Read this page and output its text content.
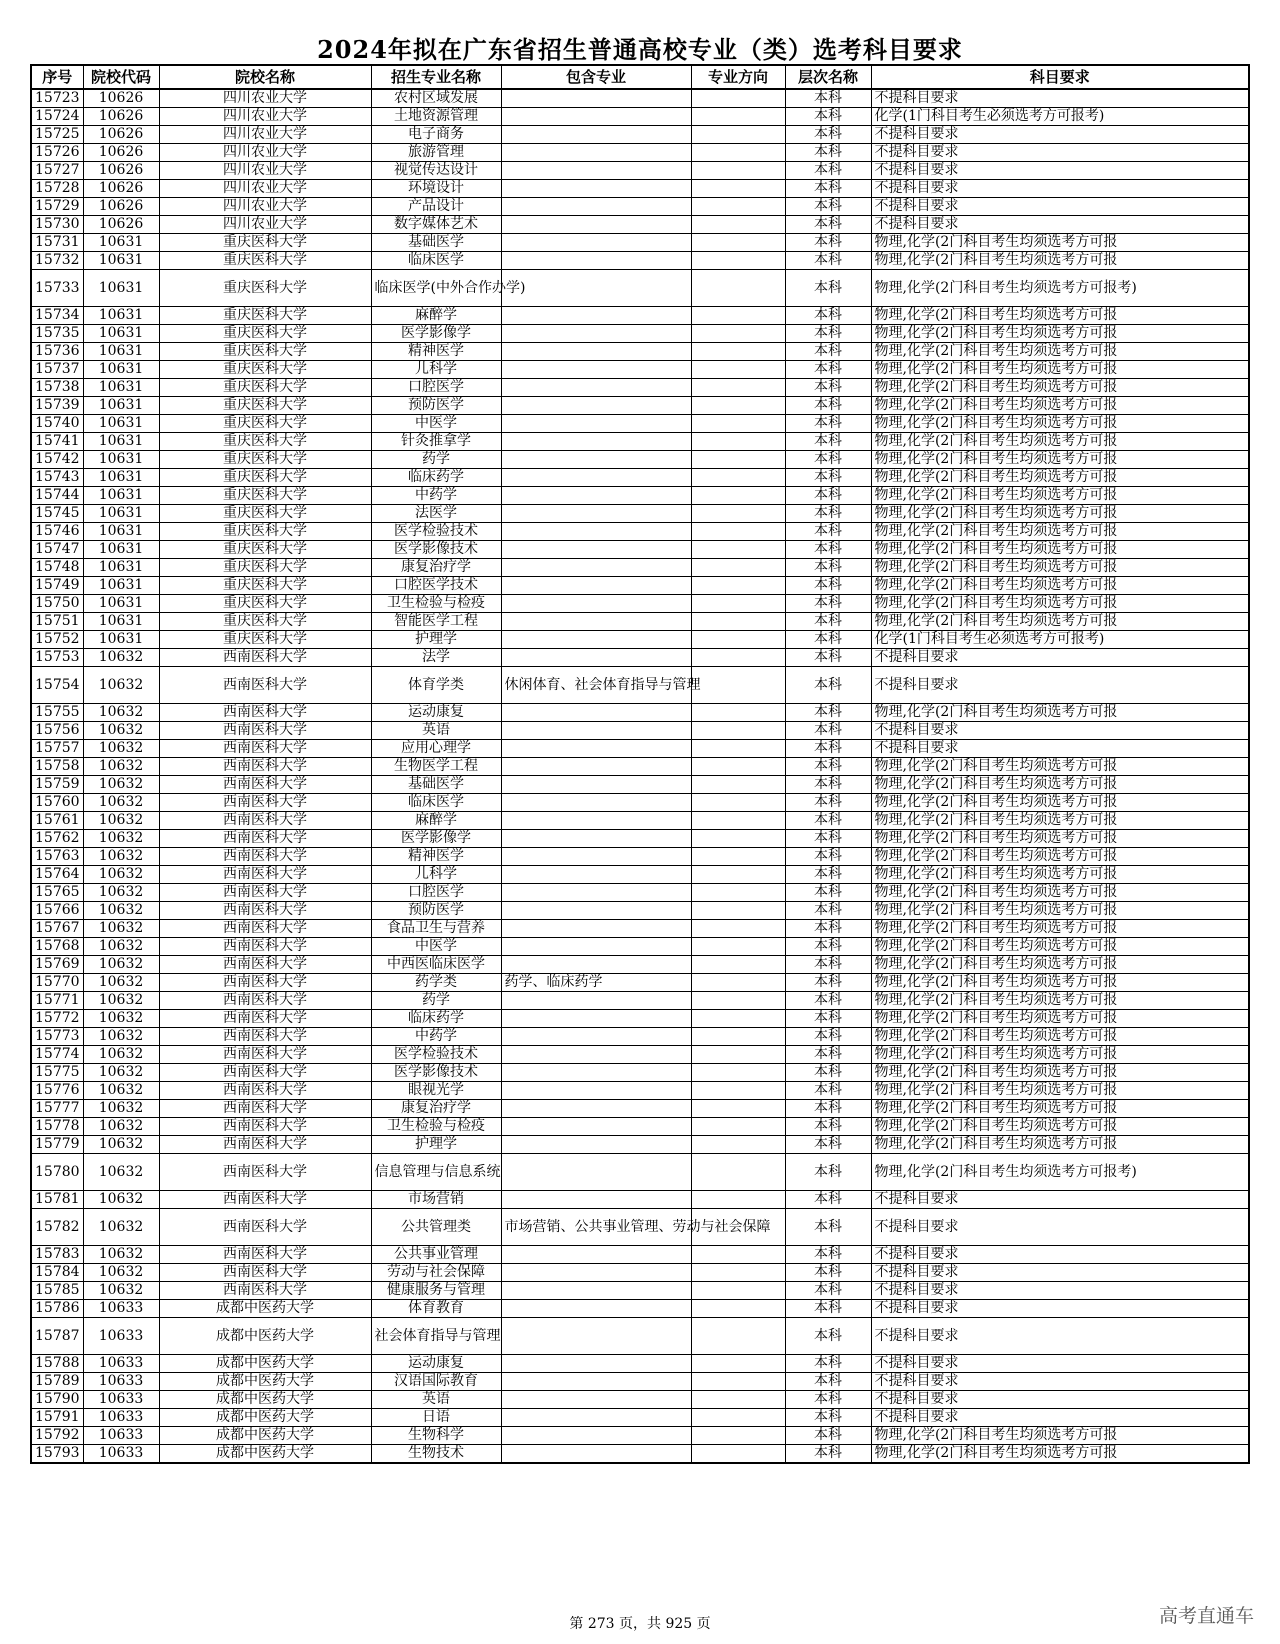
2024年拟在广东省招生普通高校专业（类）选考科目要求
序号	院校代码	院校名称	招生专业名称	包含专业	专业方向	层次名称	科目要求
15723	10626	四川农业大学	农村区域发展			本科	不提科目要求
15724	10626	四川农业大学	土地资源管理			本科	化学(1门科目考生必须选考方可报考)
15725	10626	四川农业大学	电子商务			本科	不提科目要求
15726	10626	四川农业大学	旅游管理			本科	不提科目要求
15727	10626	四川农业大学	视觉传达设计			本科	不提科目要求
15728	10626	四川农业大学	环境设计			本科	不提科目要求
15729	10626	四川农业大学	产品设计			本科	不提科目要求
15730	10626	四川农业大学	数字媒体艺术			本科	不提科目要求
15731	10631	重庆医科大学	基础医学			本科	物理,化学(2门科目考生均须选考方可报
15732	10631	重庆医科大学	临床医学			本科	物理,化学(2门科目考生均须选考方可报
15733	10631	重庆医科大学	临床医学(中外合作办学)			本科	物理,化学(2门科目考生均须选考方可报考)
15734	10631	重庆医科大学	麻醉学			本科	物理,化学(2门科目考生均须选考方可报
15735	10631	重庆医科大学	医学影像学			本科	物理,化学(2门科目考生均须选考方可报
15736	10631	重庆医科大学	精神医学			本科	物理,化学(2门科目考生均须选考方可报
15737	10631	重庆医科大学	儿科学			本科	物理,化学(2门科目考生均须选考方可报
15738	10631	重庆医科大学	口腔医学			本科	物理,化学(2门科目考生均须选考方可报
15739	10631	重庆医科大学	预防医学			本科	物理,化学(2门科目考生均须选考方可报
15740	10631	重庆医科大学	中医学			本科	物理,化学(2门科目考生均须选考方可报
15741	10631	重庆医科大学	针灸推拿学			本科	物理,化学(2门科目考生均须选考方可报
15742	10631	重庆医科大学	药学			本科	物理,化学(2门科目考生均须选考方可报
15743	10631	重庆医科大学	临床药学			本科	物理,化学(2门科目考生均须选考方可报
15744	10631	重庆医科大学	中药学			本科	物理,化学(2门科目考生均须选考方可报
15745	10631	重庆医科大学	法医学			本科	物理,化学(2门科目考生均须选考方可报
15746	10631	重庆医科大学	医学检验技术			本科	物理,化学(2门科目考生均须选考方可报
15747	10631	重庆医科大学	医学影像技术			本科	物理,化学(2门科目考生均须选考方可报
15748	10631	重庆医科大学	康复治疗学			本科	物理,化学(2门科目考生均须选考方可报
15749	10631	重庆医科大学	口腔医学技术			本科	物理,化学(2门科目考生均须选考方可报
15750	10631	重庆医科大学	卫生检验与检疫			本科	物理,化学(2门科目考生均须选考方可报
15751	10631	重庆医科大学	智能医学工程			本科	物理,化学(2门科目考生均须选考方可报
15752	10631	重庆医科大学	护理学			本科	化学(1门科目考生必须选考方可报考)
15753	10632	西南医科大学	法学			本科	不提科目要求
15754	10632	西南医科大学	体育学类	休闲体育、社会体育指导与管理		本科	不提科目要求
15755	10632	西南医科大学	运动康复			本科	物理,化学(2门科目考生均须选考方可报
15756	10632	西南医科大学	英语			本科	不提科目要求
15757	10632	西南医科大学	应用心理学			本科	不提科目要求
15758	10632	西南医科大学	生物医学工程			本科	物理,化学(2门科目考生均须选考方可报
15759	10632	西南医科大学	基础医学			本科	物理,化学(2门科目考生均须选考方可报
15760	10632	西南医科大学	临床医学			本科	物理,化学(2门科目考生均须选考方可报
15761	10632	西南医科大学	麻醉学			本科	物理,化学(2门科目考生均须选考方可报
15762	10632	西南医科大学	医学影像学			本科	物理,化学(2门科目考生均须选考方可报
15763	10632	西南医科大学	精神医学			本科	物理,化学(2门科目考生均须选考方可报
15764	10632	西南医科大学	儿科学			本科	物理,化学(2门科目考生均须选考方可报
15765	10632	西南医科大学	口腔医学			本科	物理,化学(2门科目考生均须选考方可报
15766	10632	西南医科大学	预防医学			本科	物理,化学(2门科目考生均须选考方可报
15767	10632	西南医科大学	食品卫生与营养			本科	物理,化学(2门科目考生均须选考方可报
15768	10632	西南医科大学	中医学			本科	物理,化学(2门科目考生均须选考方可报
15769	10632	西南医科大学	中西医临床医学			本科	物理,化学(2门科目考生均须选考方可报
15770	10632	西南医科大学	药学类	药学、临床药学		本科	物理,化学(2门科目考生均须选考方可报
15771	10632	西南医科大学	药学			本科	物理,化学(2门科目考生均须选考方可报
15772	10632	西南医科大学	临床药学			本科	物理,化学(2门科目考生均须选考方可报
15773	10632	西南医科大学	中药学			本科	物理,化学(2门科目考生均须选考方可报
15774	10632	西南医科大学	医学检验技术			本科	物理,化学(2门科目考生均须选考方可报
15775	10632	西南医科大学	医学影像技术			本科	物理,化学(2门科目考生均须选考方可报
15776	10632	西南医科大学	眼视光学			本科	物理,化学(2门科目考生均须选考方可报
15777	10632	西南医科大学	康复治疗学			本科	物理,化学(2门科目考生均须选考方可报
15778	10632	西南医科大学	卫生检验与检疫			本科	物理,化学(2门科目考生均须选考方可报
15779	10632	西南医科大学	护理学			本科	物理,化学(2门科目考生均须选考方可报
15780	10632	西南医科大学	信息管理与信息系统			本科	物理,化学(2门科目考生均须选考方可报考)
15781	10632	西南医科大学	市场营销			本科	不提科目要求
15782	10632	西南医科大学	公共管理类	市场营销、公共事业管理、劳动与社会保障		本科	不提科目要求
15783	10632	西南医科大学	公共事业管理			本科	不提科目要求
15784	10632	西南医科大学	劳动与社会保障			本科	不提科目要求
15785	10632	西南医科大学	健康服务与管理			本科	不提科目要求
15786	10633	成都中医药大学	体育教育			本科	不提科目要求
15787	10633	成都中医药大学	社会体育指导与管理			本科	不提科目要求
15788	10633	成都中医药大学	运动康复			本科	不提科目要求
15789	10633	成都中医药大学	汉语国际教育			本科	不提科目要求
15790	10633	成都中医药大学	英语			本科	不提科目要求
15791	10633	成都中医药大学	日语			本科	不提科目要求
15792	10633	成都中医药大学	生物科学			本科	物理,化学(2门科目考生均须选考方可报
15793	10633	成都中医药大学	生物技术			本科	物理,化学(2门科目考生均须选考方可报
第 273 页，共 925 页	高考直通车
